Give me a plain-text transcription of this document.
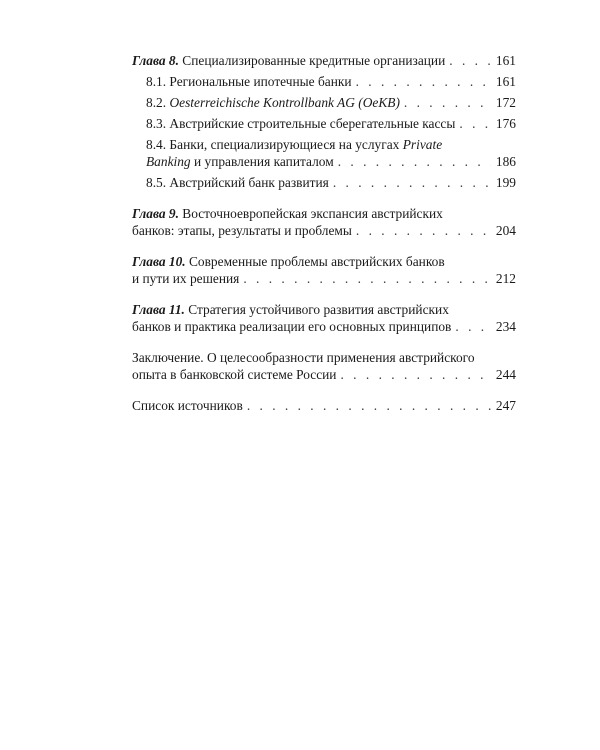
Глава 8. Специализированные кредитные организации . . .	161
8.1. Региональные ипотечные банки . . .	161
8.2. Oesterreichische Kontrollbank AG (OeKB) . . .	172
8.3. Австрийские строительные сберегательные кассы . . .	176
8.4. Банки, специализирующиеся на услугах Private
Banking и управления капиталом . . .	186
8.5. Австрийский банк развития . . .	199
Глава 9. Восточноевропейская экспансия австрийских
банков: этапы, результаты и проблемы . . .	204
Глава 10. Современные проблемы австрийских банков
и пути их решения . . .	212
Глава 11. Стратегия устойчивого развития австрийских
банков и практика реализации его основных принципов . . .	234
Заключение. О целесообразности применения австрийского
опыта в банковской системе России . . .	244
Список источников . . .	247
